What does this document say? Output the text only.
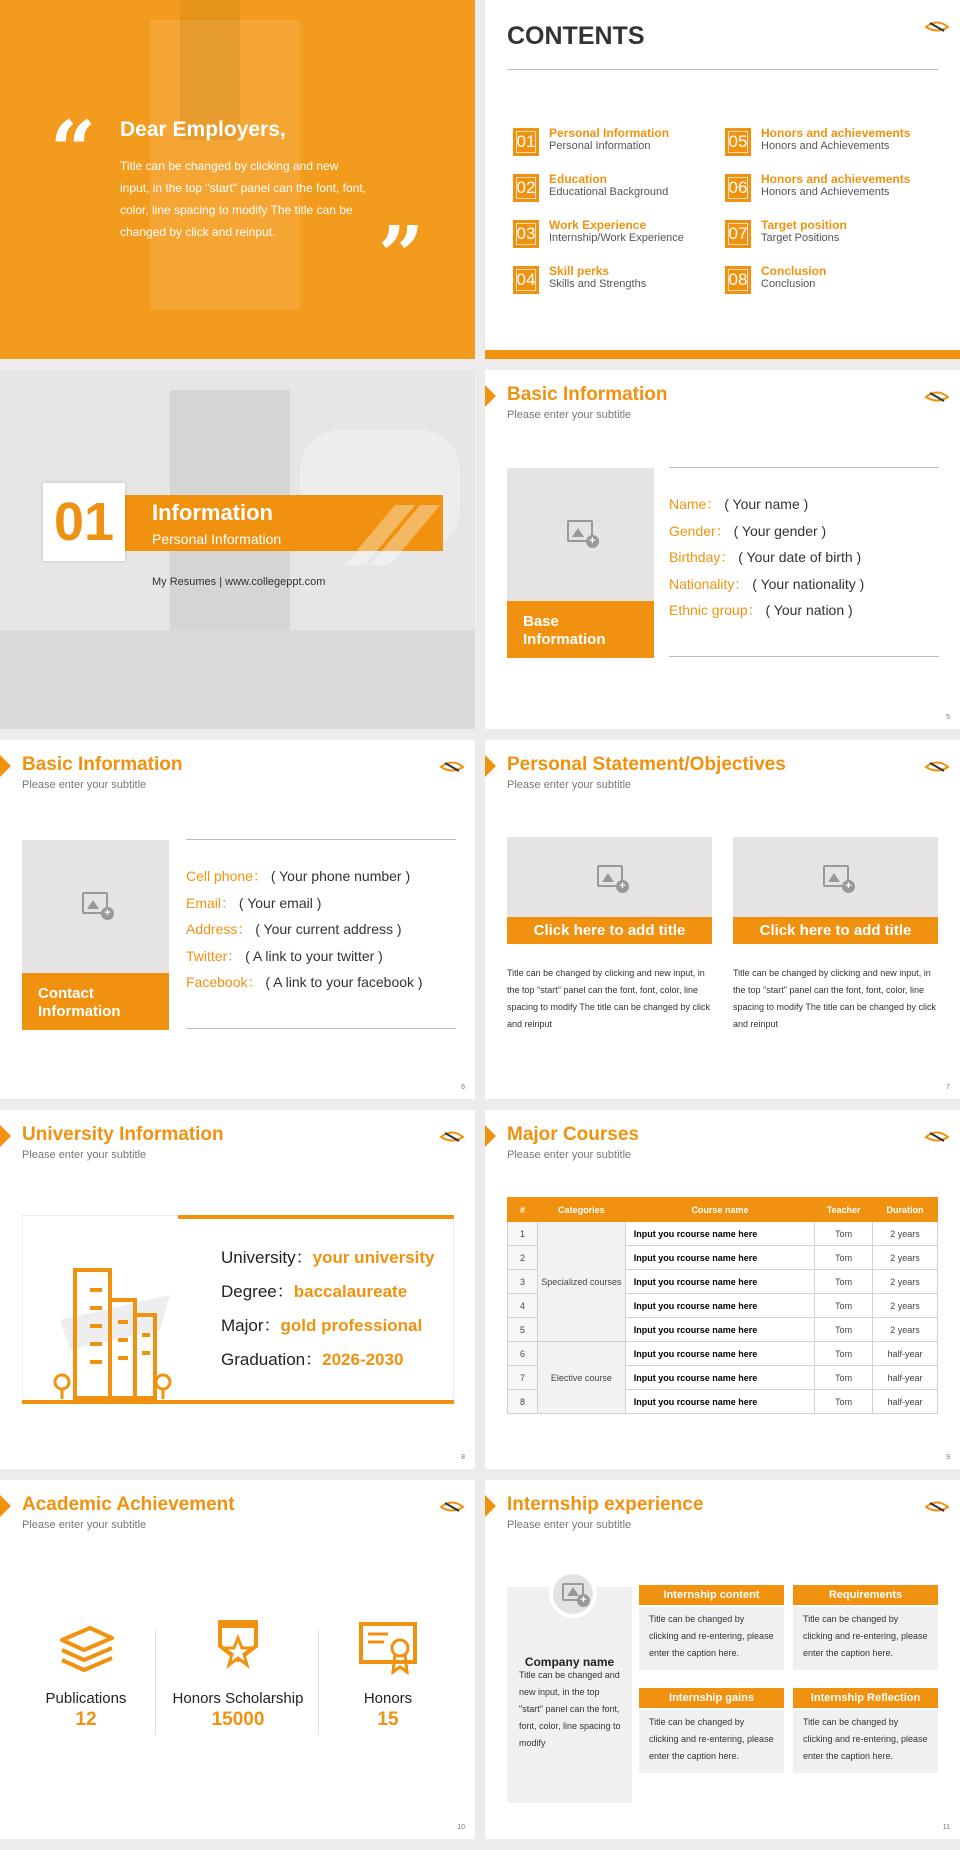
“ Dear Employers,
Title can be changed by clicking and new input, in the top "start" panel can the font, font, color, line spacing to modify The title can be changed by click and reinput.	”
CONTENTS
01 Personal Information
Personal Information
02 Education
Educational Background
03 Work Experience
Internship/Work Experience
04 Skill perks
Skills and Strengths
05 Honors and achievements
Honors and Achievements
06 Honors and achievements
Honors and Achievements
07 Target position
Target Positions
08 Conclusion
Conclusion
01	Information
Personal Information
My Resumes | www.collegeppt.com
Basic Information
Please enter your subtitle
+
Base
Information
Name： ( Your name )
Gender： ( Your gender )
Birthday： ( Your date of birth )
Nationality： ( Your nationality )
Ethnic group： ( Your nation )
5
Basic Information
Please enter your subtitle
+
Contact
Information
Cell phone： ( Your phone number )
Email： ( Your email )
Address： ( Your current address )
Twitter： ( A link to your twitter )
Facebook： ( A link to your facebook )
6
Personal Statement/Objectives
Please enter your subtitle
+
Click here to add title
Title can be changed by clicking and new input, in the top "start" panel can the font, font, color, line spacing to modify The title can be changed by click and reinput
+
Click here to add title
Title can be changed by clicking and new input, in the top "start" panel can the font, font, color, line spacing to modify The title can be changed by click and reinput
7
University Information
Please enter your subtitle
University：your university
Degree：baccalaureate
Major：gold professional
Graduation：2026-2030
8
Major Courses
Please enter your subtitle
#	Categories	Course name	Teacher	Duration
1	Specialized courses	Input you rcourse name here	Tom	2 years
2		Input you rcourse name here	Tom	2 years
3		Input you rcourse name here	Tom	2 years
4		Input you rcourse name here	Tom	2 years
5		Input you rcourse name here	Tom	2 years
6	Elective course	Input you rcourse name here	Tom	half-year
7		Input you rcourse name here	Tom	half-year
8		Input you rcourse name here	Tom	half-year
9
Academic Achievement
Please enter your subtitle
Publications
12
Honors Scholarship
15000
Honors
15
10
Internship experience
Please enter your subtitle
+
Company name
Title can be changed and new input, in the top "start" panel can the font, font, color, line spacing to modify
Internship content
Title can be changed by clicking and re-entering, please enter the caption here.
Requirements
Title can be changed by clicking and re-entering, please enter the caption here.
Internship gains
Title can be changed by clicking and re-entering, please enter the caption here.
Internship Reflection
Title can be changed by clicking and re-entering, please enter the caption here.
11
